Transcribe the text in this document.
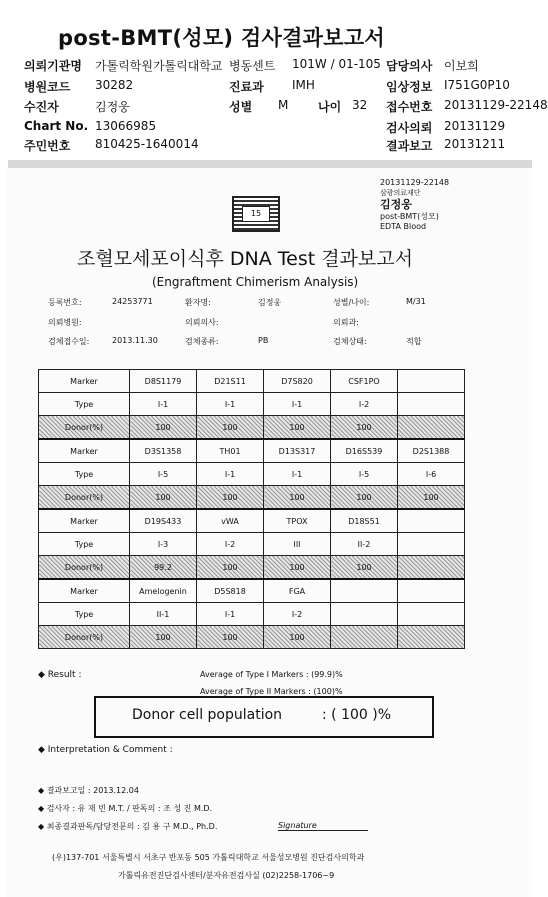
post-BMT(성모) 검사결과보고서
의뢰기관명 가톨릭학원가톨릭대학교 병동센트 101W / 01-105 담당의사 이보희
병원코드 30282	진료과 IMH	임상정보 I751G0P10
수진자	김정웅	성별 M 나이 32 접수번호 20131129-22148
Chart No. 13066985	검사의뢰 20131129
주민번호 810425-1640014	결과보고 20131211
20131129-22148
삼광의료재단
김정웅
post-BMT(성모)
EDTA Blood
15
조혈모세포이식후 DNA Test 결과보고서
(Engraftment Chimerism Analysis)
등록번호:	24253771	환자명:	김정웅	성별/나이:	M/31
의뢰병원:	의뢰의사:	의뢰과:
검체접수일:	2013.11.30	검체종류:	PB	검체상태:	적합
Marker	D8S1179	D21S11	D7S820	CSF1PO	
Type	I-1	I-1	I-1	I-2	
Donor(%)	100	100	100	100	
Marker	D3S1358	TH01	D13S317	D16S539	D2S1388
Type	I-5	I-1	I-1	I-5	I-6
Donor(%)	100	100	100	100	100
Marker	D19S433	vWA	TPOX	D18S51	
Type	I-3	I-2	III	II-2	
Donor(%)	99.2	100	100	100	
Marker	Amelogenin	D5S818	FGA		
Type	II-1	I-1	I-2		
Donor(%)	100	100	100		
◆ Result :	Average of Type I Markers : (99.9)%
Average of Type II Markers : (100)%
Donor cell population	: ( 100 )%
◆ Interpretation & Comment :
◆ 결과보고일 : 2013.12.04
◆ 검사자 : 유 재 빈 M.T. / 판독의 : 조 성 진 M.D.
◆ 최종결과판독/담당전문의 : 김 용 구 M.D., Ph.D.	Signature
(우)137-701 서울특별시 서초구 반포동 505 가톨릭대학교 서울성모병원 진단검사의학과
가톨릭유전진단검사센터/분자유전검사실 (02)2258-1706~9
